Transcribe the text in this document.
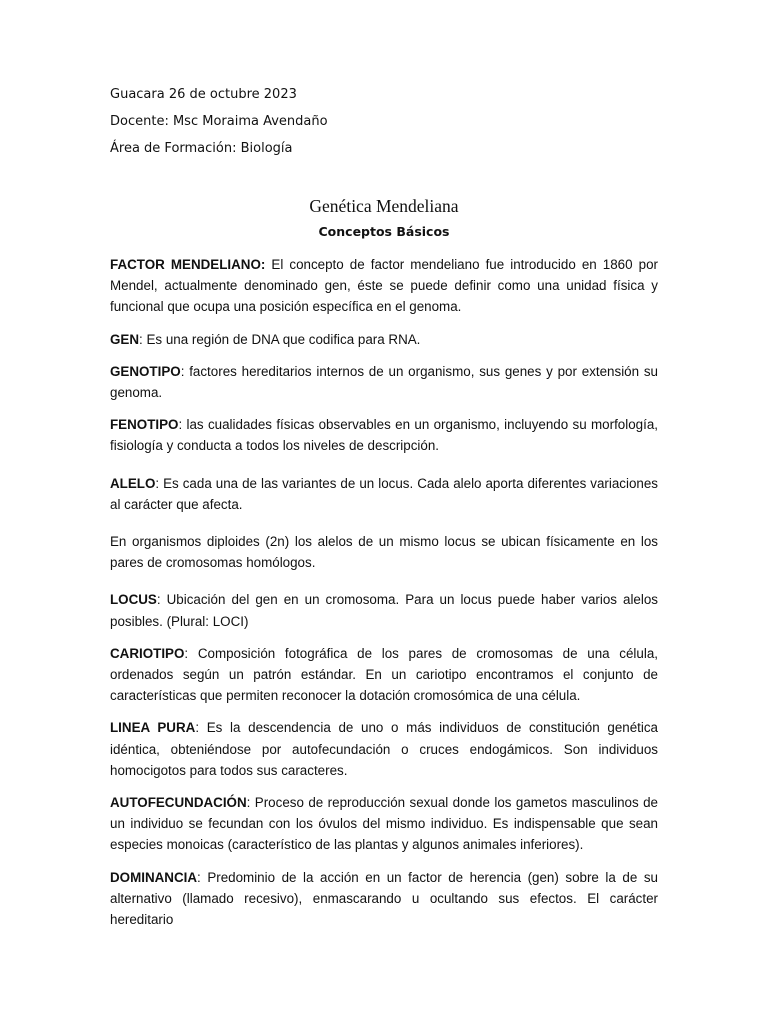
Guacara 26 de octubre 2023

Docente: Msc Moraima Avendaño

Área de Formación: Biología

Genética Mendeliana
Conceptos Básicos

FACTOR MENDELIANO: El concepto de factor mendeliano fue introducido en 1860 por Mendel, actualmente denominado gen, éste se puede definir como una unidad física y funcional que ocupa una posición específica en el genoma.

GEN: Es una región de DNA que codifica para RNA.

GENOTIPO: factores hereditarios internos de un organismo, sus genes y por extensión su genoma.

FENOTIPO: las cualidades físicas observables en un organismo, incluyendo su morfología, fisiología y conducta a todos los niveles de descripción.

ALELO: Es cada una de las variantes de un locus. Cada alelo aporta diferentes variaciones al carácter que afecta.

En organismos diploides (2n) los alelos de un mismo locus se ubican físicamente en los pares de cromosomas homólogos.

LOCUS: Ubicación del gen en un cromosoma. Para un locus puede haber varios alelos posibles. (Plural: LOCI)

CARIOTIPO: Composición fotográfica de los pares de cromosomas de una célula, ordenados según un patrón estándar. En un cariotipo encontramos el conjunto de características que permiten reconocer la dotación cromosómica de una célula.

LINEA PURA: Es la descendencia de uno o más individuos de constitución genética idéntica, obteniéndose por autofecundación o cruces endogámicos. Son individuos homocigotos para todos sus caracteres.

AUTOFECUNDACIÓN: Proceso de reproducción sexual donde los gametos masculinos de un individuo se fecundan con los óvulos del mismo individuo. Es indispensable que sean especies monoicas (característico de las plantas y algunos animales inferiores).

DOMINANCIA: Predominio de la acción en un factor de herencia (gen) sobre la de su alternativo (llamado recesivo), enmascarando u ocultando sus efectos. El carácter hereditario
